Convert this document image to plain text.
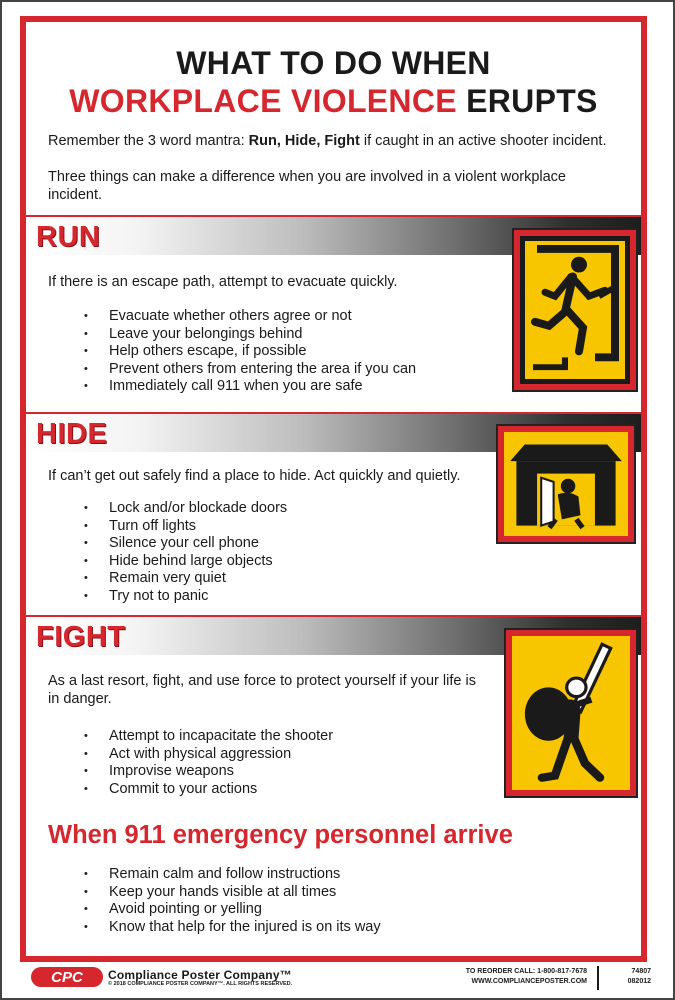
WHAT TO DO WHEN
WORKPLACE VIOLENCE ERUPTS
Remember the 3 word mantra: Run, Hide, Fight if caught in an active shooter incident.
Three things can make a difference when you are involved in a violent workplace incident.
RUN
If there is an escape path, attempt to evacuate quickly.
• Evacuate whether others agree or not
• Leave your belongings behind
• Help others escape, if possible
• Prevent others from entering the area if you can
• Immediately call 911 when you are safe
HIDE
If can’t get out safely find a place to hide. Act quickly and quietly.
• Lock and/or blockade doors
• Turn off lights
• Silence your cell phone
• Hide behind large objects
• Remain very quiet
• Try not to panic
FIGHT
As a last resort, fight, and use force to protect yourself if your life is in danger.
• Attempt to incapacitate the shooter
• Act with physical aggression
• Improvise weapons
• Commit to your actions
When 911 emergency personnel arrive
• Remain calm and follow instructions
• Keep your hands visible at all times
• Avoid pointing or yelling
• Know that help for the injured is on its way
CPC Compliance Poster Company™
© 2018 COMPLIANCE POSTER COMPANY™. ALL RIGHTS RESERVED.
TO REORDER CALL: 1-800-817-7678
WWW.COMPLIANCEPOSTER.COM
74807
082012
